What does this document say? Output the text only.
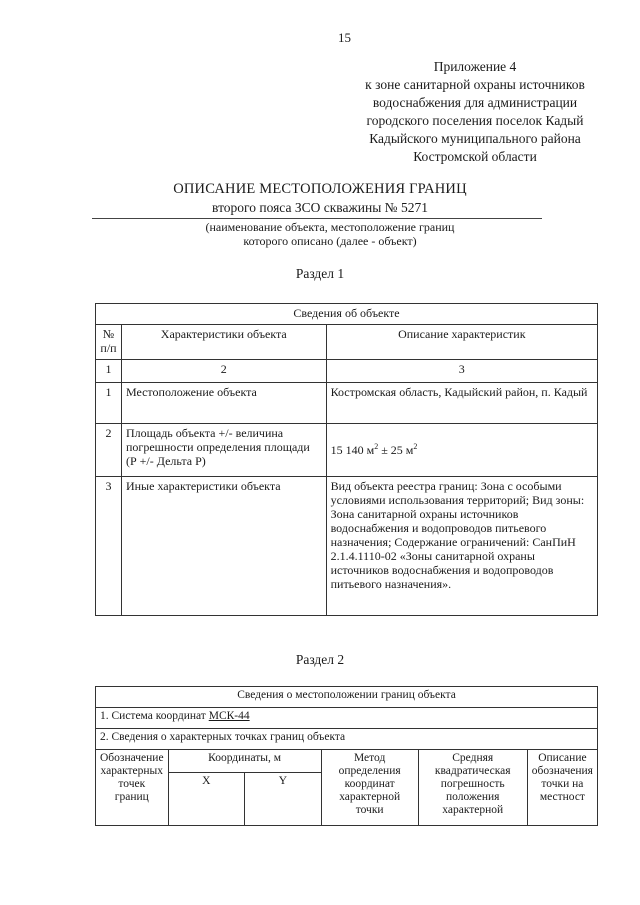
15
Приложение 4
к зоне санитарной охраны источников
водоснабжения для администрации
городского поселения поселок Кадый
Кадыйского муниципального района
Костромской области
ОПИСАНИЕ МЕСТОПОЛОЖЕНИЯ ГРАНИЦ
второго пояса ЗСО скважины № 5271
(наименование объекта, местоположение границ
которого описано (далее - объект)
Раздел 1
Сведения об объекте		
№ п/п	Характеристики объекта	Описание характеристик
1	2	3
1	Местоположение объекта	Костромская область, Кадыйский район, п. Кадый
2	Площадь объекта +/- величина погрешности определения площади (Р +/- Дельта Р)	15 140 $м^2 \pm 25$ $м^2$
3	Иные характеристики объекта	Вид объекта реестра границ: Зона с особыми условиями использования территорий; Вид зоны: Зона санитарной охраны источников водоснабжения и водопроводов питьевого назначения; Содержание ограничений: СанПиН 2.1.4.1110-02 «Зоны санитарной охраны источников водоснабжения и водопроводов питьевого назначения».
Раздел 2
Сведения о местоположении границ объекта					
1. Система координат МСК-44					
2. Сведения о характерных точках границ объекта					
Обозначение характерных точек границ	Координаты, м		Метод определения координат характерной точки	Средняя квадратическая погрешность положения характерной	Описание обозначения точки на местност
	X	Y			
